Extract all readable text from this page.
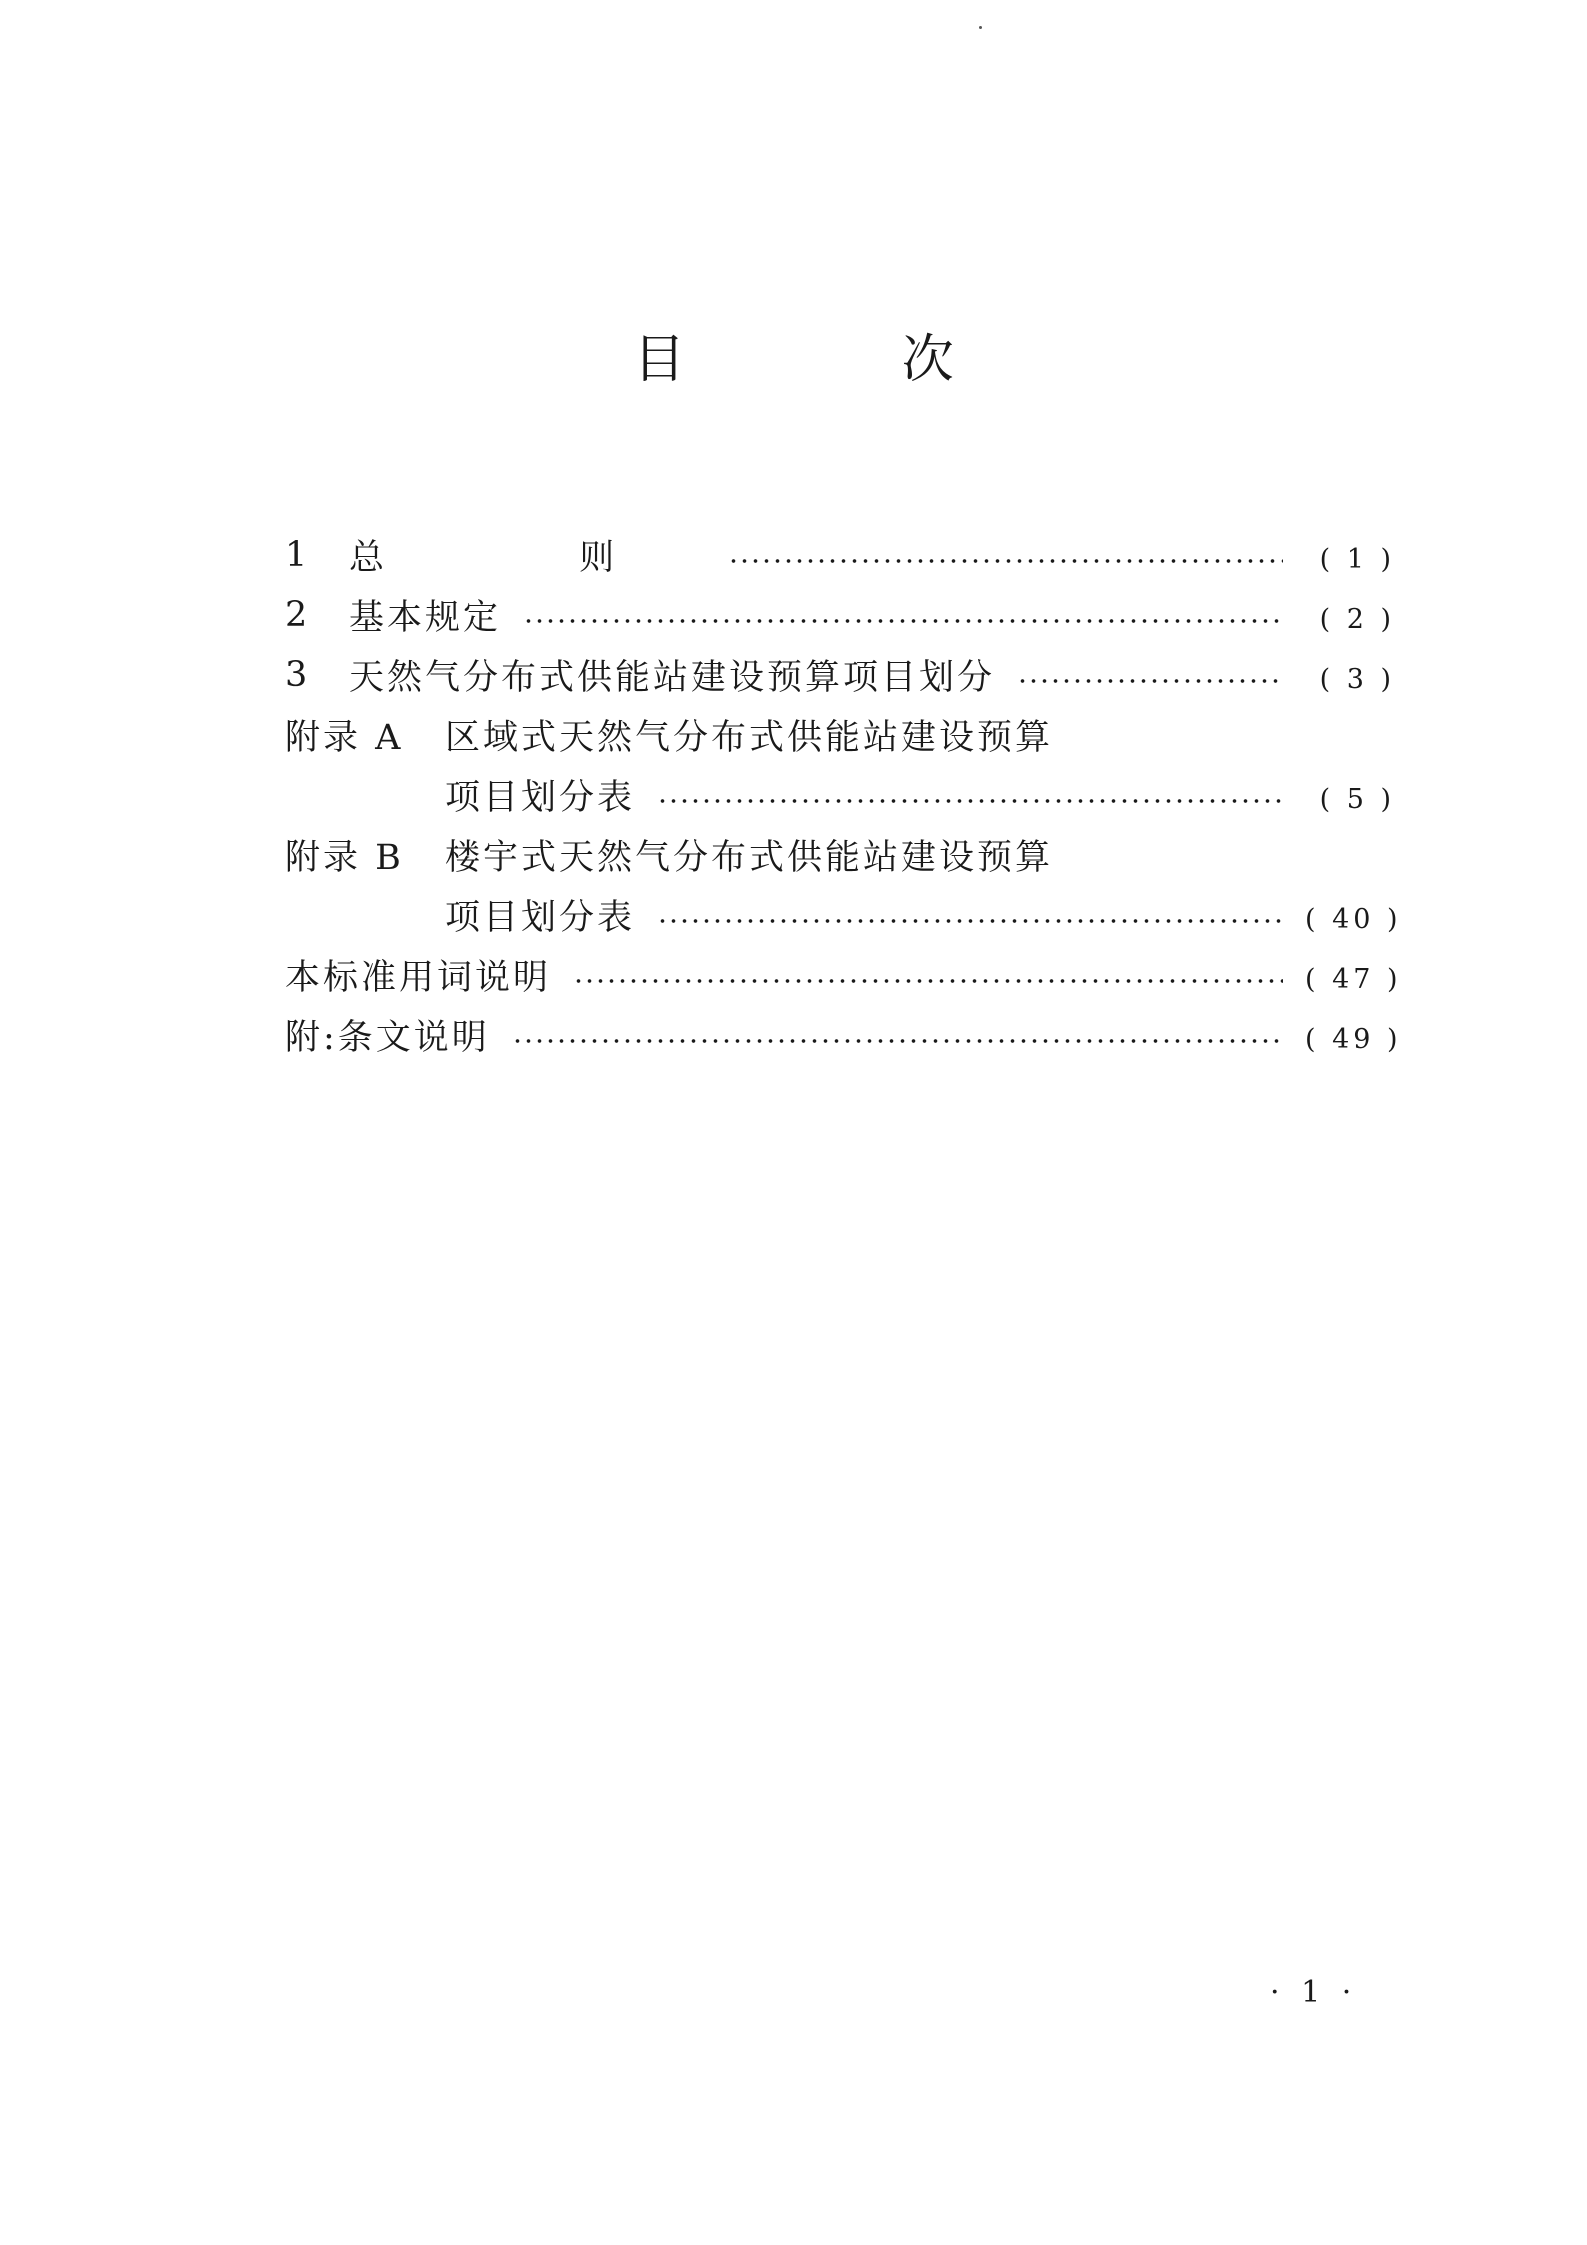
目 次
1	总 则	( 1 )
2	基本规定	( 2 )
3	天然气分布式供能站建设预算项目划分	( 3 )
附录 A	区域式天然气分布式供能站建设预算
项目划分表	( 5 )
附录 B	楼宇式天然气分布式供能站建设预算
项目划分表	( 40 )
本标准用词说明	( 47 )
附:条文说明	( 49 )
· 1 ·
